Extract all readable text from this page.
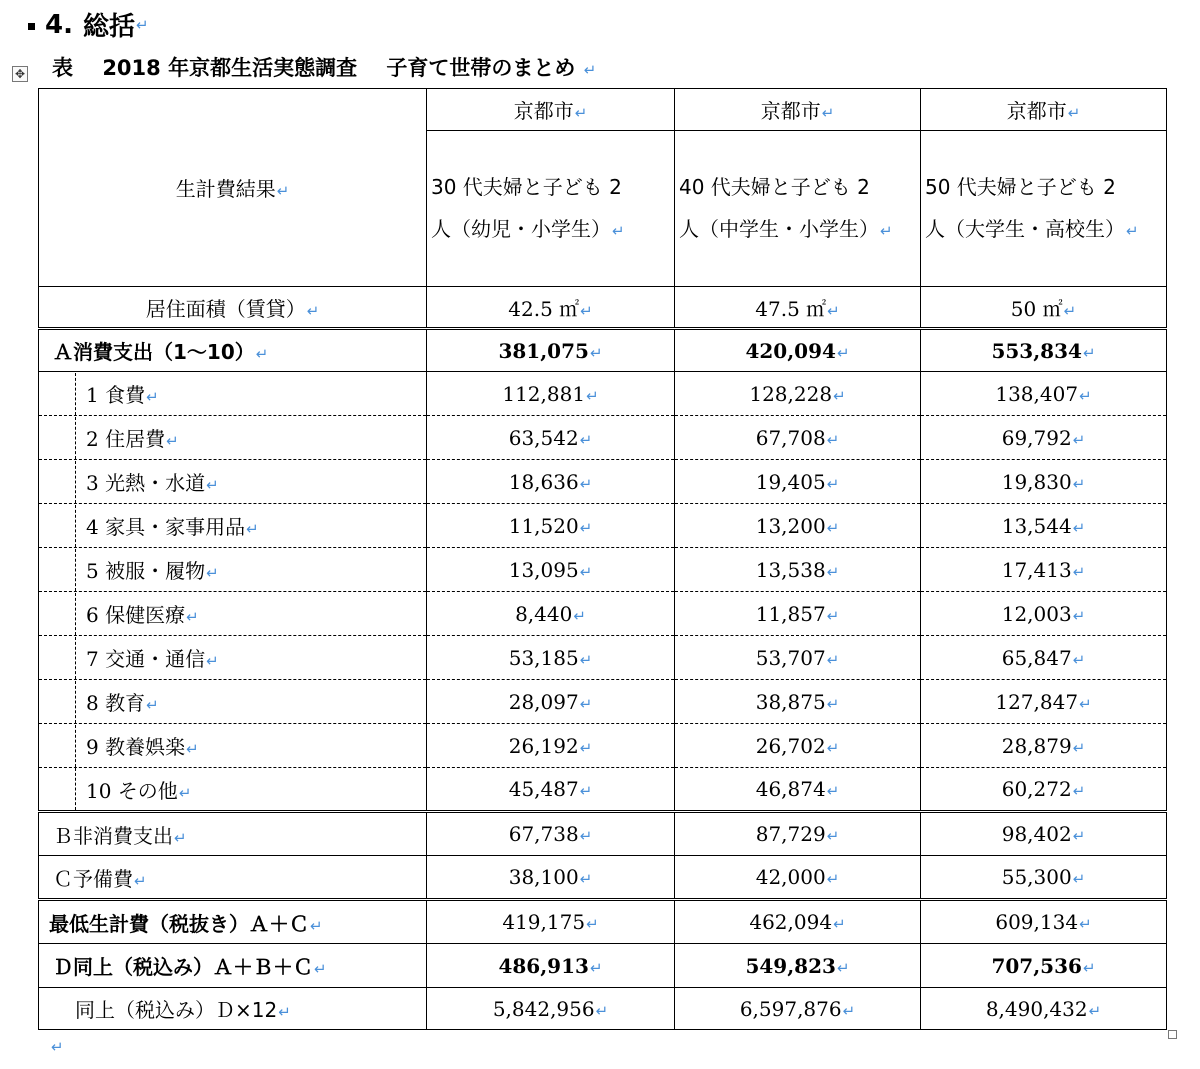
4. 総括
↵
表 2018 年京都生活実態調査 子育て世帯のまとめ ↵
✥
生計費結果 ↵	京都市 ↵	京都市 ↵	京都市 ↵

	30 代夫婦と子ども 2
人（幼児・小学生） ↵	40 代夫婦と子ども 2
人（中学生・小学生） ↵	50 代夫婦と子ども 2
人（大学生・高校生） ↵

居住面積（賃貸） ↵	42.5 ㎡ ↵	47.5 ㎡ ↵	50 ㎡ ↵
Ａ消費支出（1～10） ↵	381,075 ↵	420,094 ↵	553,834 ↵
1 食費 ↵	112,881 ↵	128,228 ↵	138,407 ↵
2 住居費 ↵	63,542 ↵	67,708 ↵	69,792 ↵
3 光熱・水道 ↵	18,636 ↵	19,405 ↵	19,830 ↵
4 家具・家事用品 ↵	11,520 ↵	13,200 ↵	13,544 ↵
5 被服・履物 ↵	13,095 ↵	13,538 ↵	17,413 ↵
6 保健医療 ↵	8,440 ↵	11,857 ↵	12,003 ↵
7 交通・通信 ↵	53,185 ↵	53,707 ↵	65,847 ↵
8 教育 ↵	28,097 ↵	38,875 ↵	127,847 ↵
9 教養娯楽 ↵	26,192 ↵	26,702 ↵	28,879 ↵
10 その他 ↵	45,487 ↵	46,874 ↵	60,272 ↵
Ｂ非消費支出 ↵	67,738 ↵	87,729 ↵	98,402 ↵
Ｃ予備費 ↵	38,100 ↵	42,000 ↵	55,300 ↵
最低生計費（税抜き）Ａ＋Ｃ ↵	419,175 ↵	462,094 ↵	609,134 ↵
Ｄ同上（税込み）Ａ＋Ｂ＋Ｃ ↵	486,913 ↵	549,823 ↵	707,536 ↵
同上（税込み）Ｄ×12 ↵	5,842,956 ↵	6,597,876 ↵	8,490,432 ↵
↵
